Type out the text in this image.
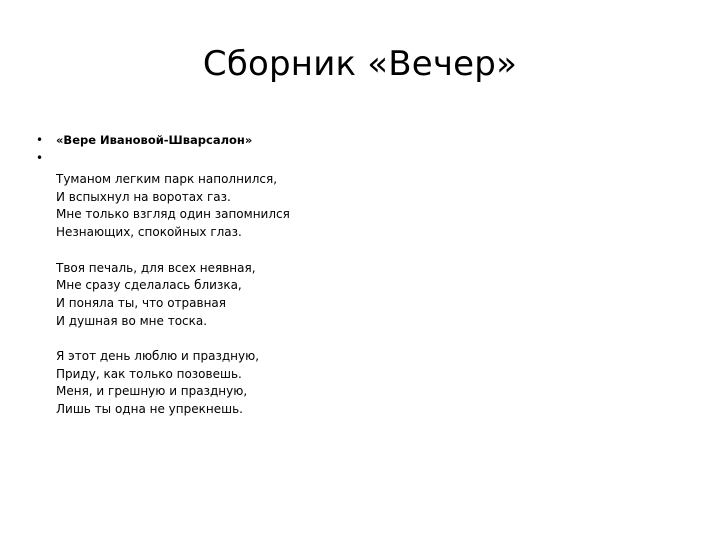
Сборник «Вечер»
• «Вере Ивановой-Шварсалон»
•
Туманом легким парк наполнился,
И вспыхнул на воротах газ.
Мне только взгляд один запомнился
Незнающих, спокойных глаз.
Твоя печаль, для всех неявная,
Мне сразу сделалась близка,
И поняла ты, что отравная
И душная во мне тоска.
Я этот день люблю и праздную,
Приду, как только позовешь.
Меня, и грешную и праздную,
Лишь ты одна не упрекнешь.
